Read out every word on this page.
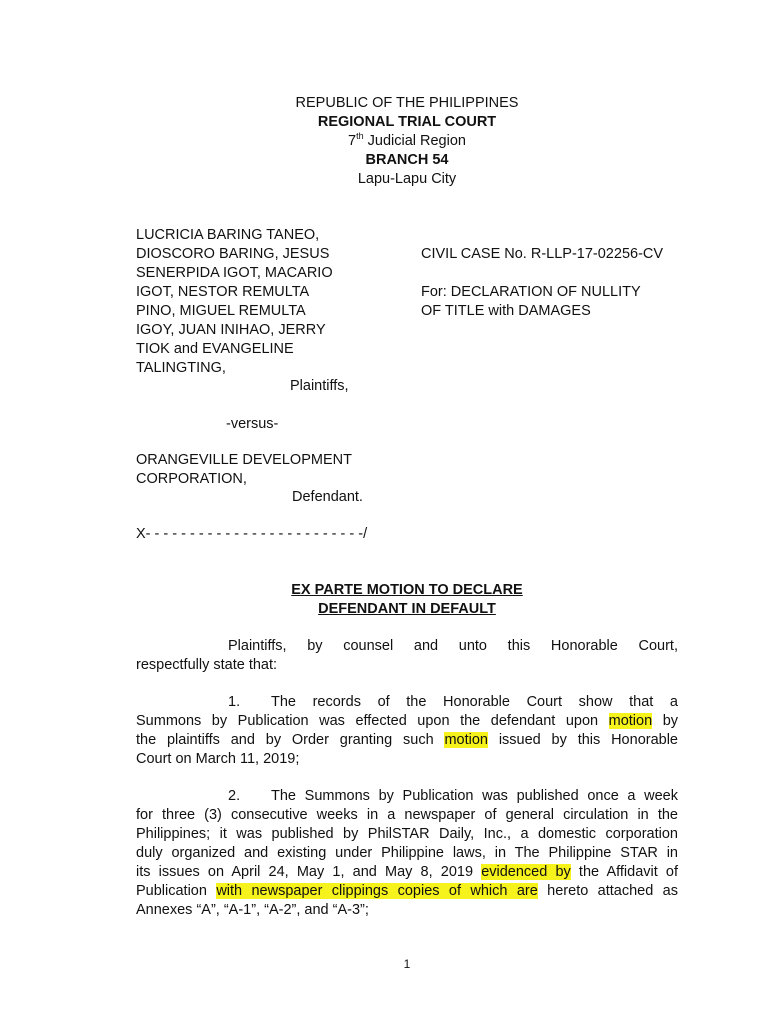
REPUBLIC OF THE PHILIPPINES
REGIONAL TRIAL COURT
7th Judicial Region
BRANCH 54
Lapu-Lapu City
LUCRICIA BARING TANEO,
DIOSCORO BARING, JESUS
SENERPIDA IGOT, MACARIO
IGOT, NESTOR REMULTA
PINO, MIGUEL REMULTA
IGOY, JUAN INIHAO, JERRY
TIOK and EVANGELINE
TALINGTING,
Plaintiffs,
-versus-
ORANGEVILLE DEVELOPMENT
CORPORATION,
Defendant.
CIVIL CASE No. R-LLP-17-02256-CV
For: DECLARATION OF NULLITY
OF TITLE with DAMAGES
X- - - - - - - - - - - - - - - - - - - - - - - - -/
EX PARTE MOTION TO DECLARE
DEFENDANT IN DEFAULT
Plaintiffs, by counsel and unto this Honorable Court,
respectfully state that:
1. The records of the Honorable Court show that a
Summons by Publication was effected upon the defendant upon motion by
the plaintiffs and by Order granting such motion issued by this Honorable
Court on March 11, 2019;
2. The Summons by Publication was published once a week
for three (3) consecutive weeks in a newspaper of general circulation in the
Philippines; it was published by PhilSTAR Daily, Inc., a domestic corporation
duly organized and existing under Philippine laws, in The Philippine STAR in
its issues on April 24, May 1, and May 8, 2019 evidenced by the Affidavit of
Publication with newspaper clippings copies of which are hereto attached as
Annexes “A”, “A-1”, “A-2”, and “A-3”;
1
